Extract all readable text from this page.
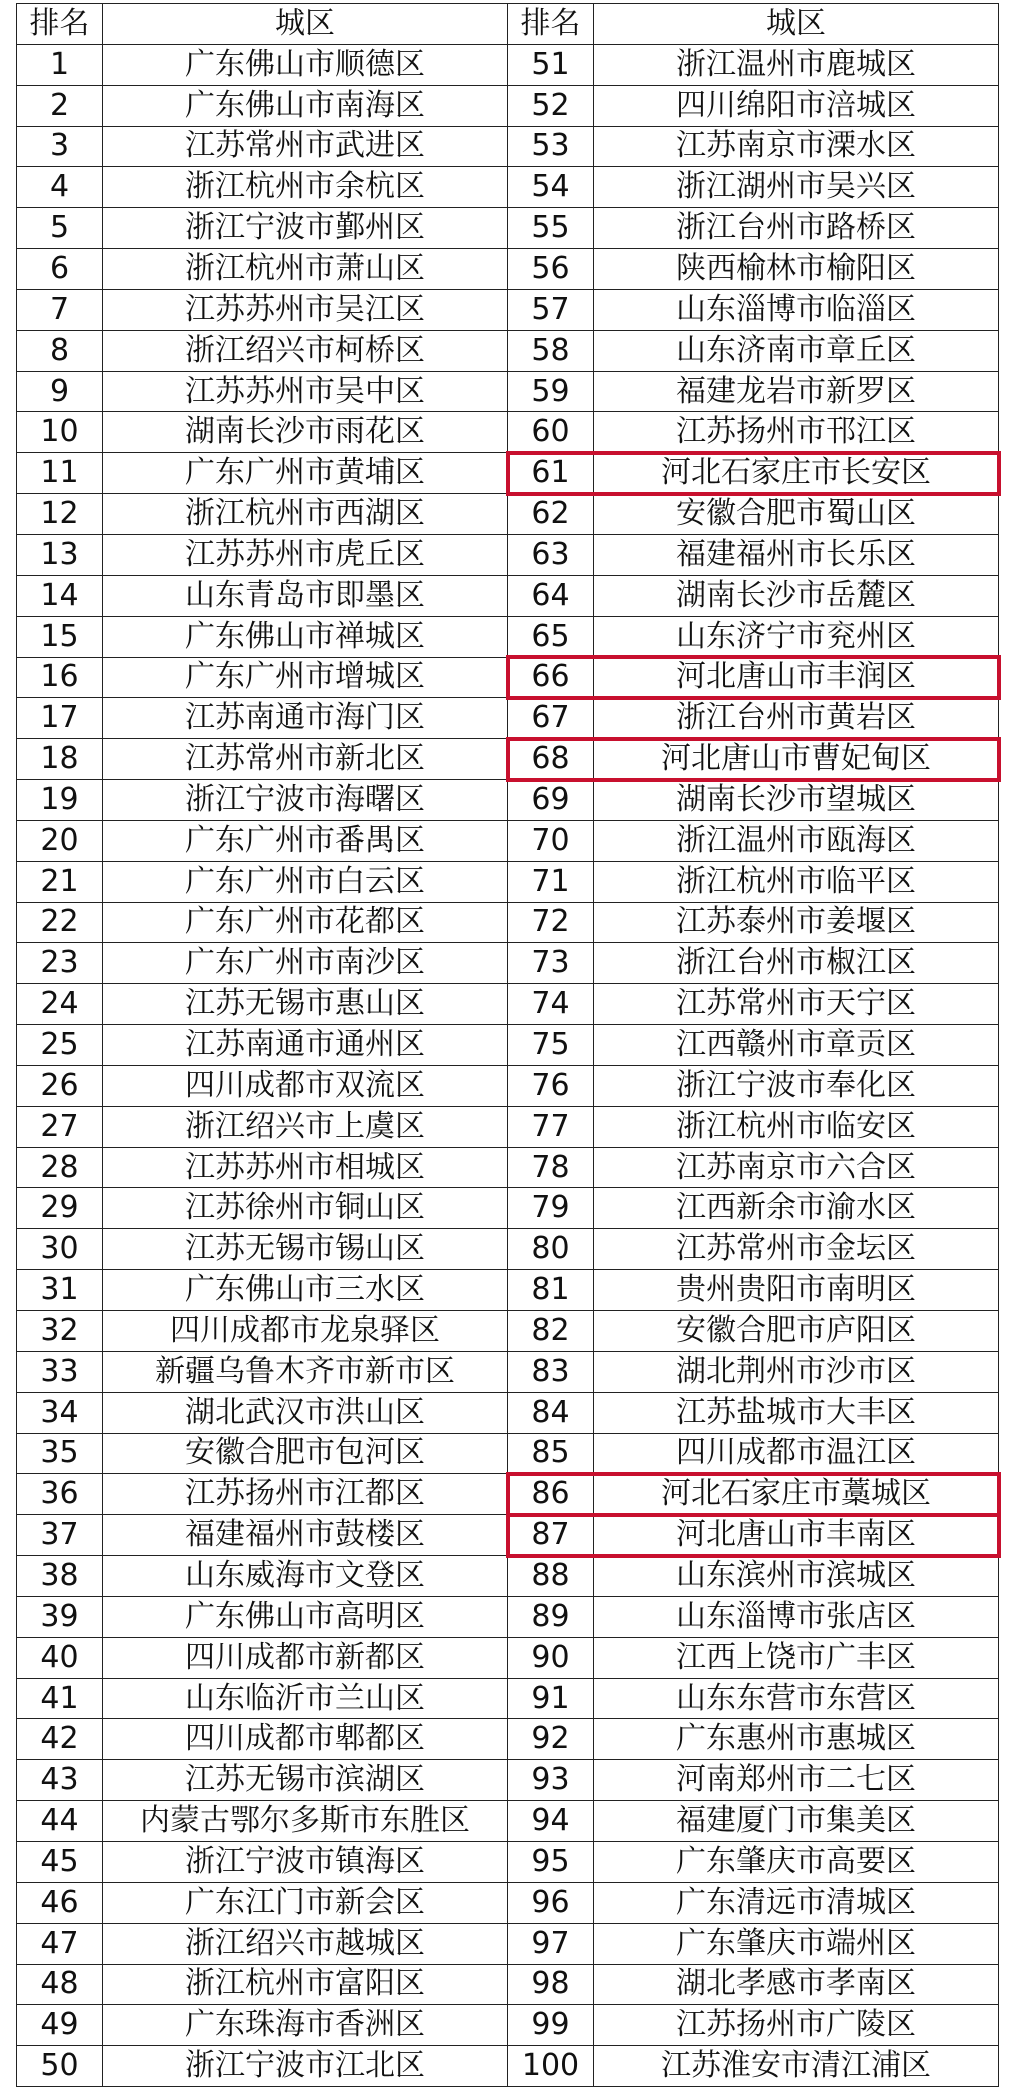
排名	城区	排名	城区
1	广东佛山市顺德区	51	浙江温州市鹿城区
2	广东佛山市南海区	52	四川绵阳市涪城区
3	江苏常州市武进区	53	江苏南京市溧水区
4	浙江杭州市余杭区	54	浙江湖州市吴兴区
5	浙江宁波市鄞州区	55	浙江台州市路桥区
6	浙江杭州市萧山区	56	陕西榆林市榆阳区
7	江苏苏州市吴江区	57	山东淄博市临淄区
8	浙江绍兴市柯桥区	58	山东济南市章丘区
9	江苏苏州市吴中区	59	福建龙岩市新罗区
10	湖南长沙市雨花区	60	江苏扬州市邗江区
11	广东广州市黄埔区	61	河北石家庄市长安区
12	浙江杭州市西湖区	62	安徽合肥市蜀山区
13	江苏苏州市虎丘区	63	福建福州市长乐区
14	山东青岛市即墨区	64	湖南长沙市岳麓区
15	广东佛山市禅城区	65	山东济宁市兖州区
16	广东广州市增城区	66	河北唐山市丰润区
17	江苏南通市海门区	67	浙江台州市黄岩区
18	江苏常州市新北区	68	河北唐山市曹妃甸区
19	浙江宁波市海曙区	69	湖南长沙市望城区
20	广东广州市番禺区	70	浙江温州市瓯海区
21	广东广州市白云区	71	浙江杭州市临平区
22	广东广州市花都区	72	江苏泰州市姜堰区
23	广东广州市南沙区	73	浙江台州市椒江区
24	江苏无锡市惠山区	74	江苏常州市天宁区
25	江苏南通市通州区	75	江西赣州市章贡区
26	四川成都市双流区	76	浙江宁波市奉化区
27	浙江绍兴市上虞区	77	浙江杭州市临安区
28	江苏苏州市相城区	78	江苏南京市六合区
29	江苏徐州市铜山区	79	江西新余市渝水区
30	江苏无锡市锡山区	80	江苏常州市金坛区
31	广东佛山市三水区	81	贵州贵阳市南明区
32	四川成都市龙泉驿区	82	安徽合肥市庐阳区
33	新疆乌鲁木齐市新市区	83	湖北荆州市沙市区
34	湖北武汉市洪山区	84	江苏盐城市大丰区
35	安徽合肥市包河区	85	四川成都市温江区
36	江苏扬州市江都区	86	河北石家庄市藁城区
37	福建福州市鼓楼区	87	河北唐山市丰南区
38	山东威海市文登区	88	山东滨州市滨城区
39	广东佛山市高明区	89	山东淄博市张店区
40	四川成都市新都区	90	江西上饶市广丰区
41	山东临沂市兰山区	91	山东东营市东营区
42	四川成都市郫都区	92	广东惠州市惠城区
43	江苏无锡市滨湖区	93	河南郑州市二七区
44	内蒙古鄂尔多斯市东胜区	94	福建厦门市集美区
45	浙江宁波市镇海区	95	广东肇庆市高要区
46	广东江门市新会区	96	广东清远市清城区
47	浙江绍兴市越城区	97	广东肇庆市端州区
48	浙江杭州市富阳区	98	湖北孝感市孝南区
49	广东珠海市香洲区	99	江苏扬州市广陵区
50	浙江宁波市江北区	100	江苏淮安市清江浦区
